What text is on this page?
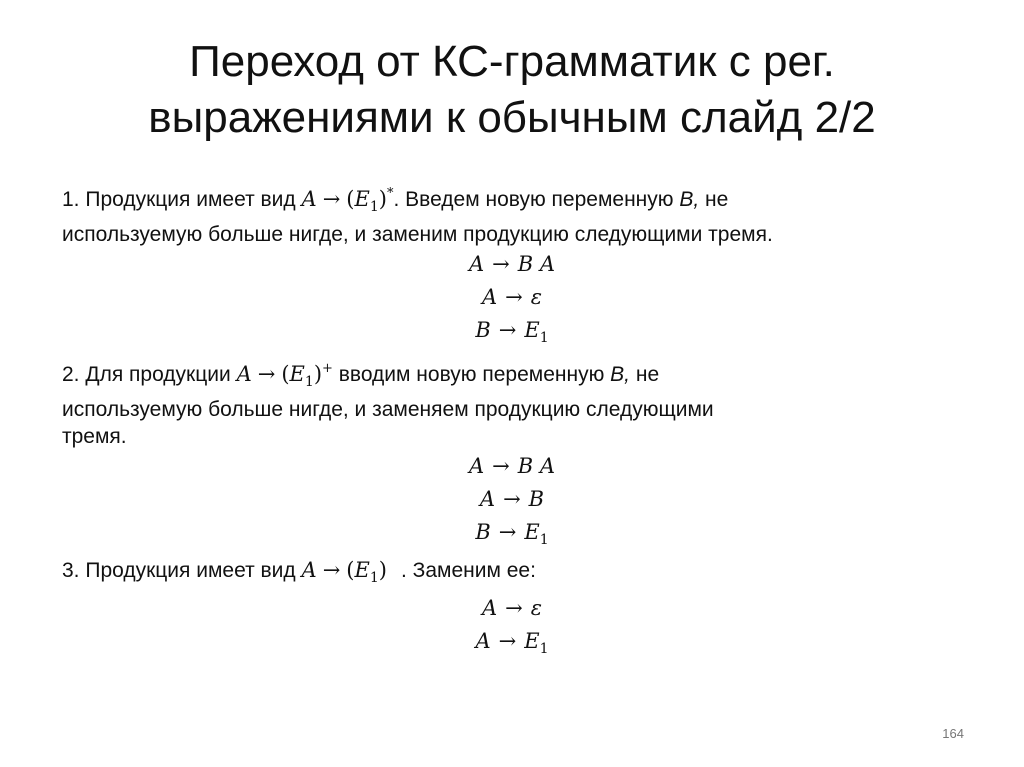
Переход от КС-грамматик с рег.
выражениями к обычным слайд 2/2
1. Продукция имеет вид $A \to (E_1)^*$. Введем новую переменную B, не
используемую больше нигде, и заменим продукцию следующими тремя.
A → B A
A → ε
$B \to E_1$
2. Для продукции $A \to (E_1)^+$ вводим новую переменную B, не
используемую больше нигде, и заменяем продукцию следующими
тремя.
A → B A
A → B
$B \to E_1$
3. Продукция имеет вид $A \to (E_1)$ . Заменим ее:
A → ε
$A \to E_1$
164
